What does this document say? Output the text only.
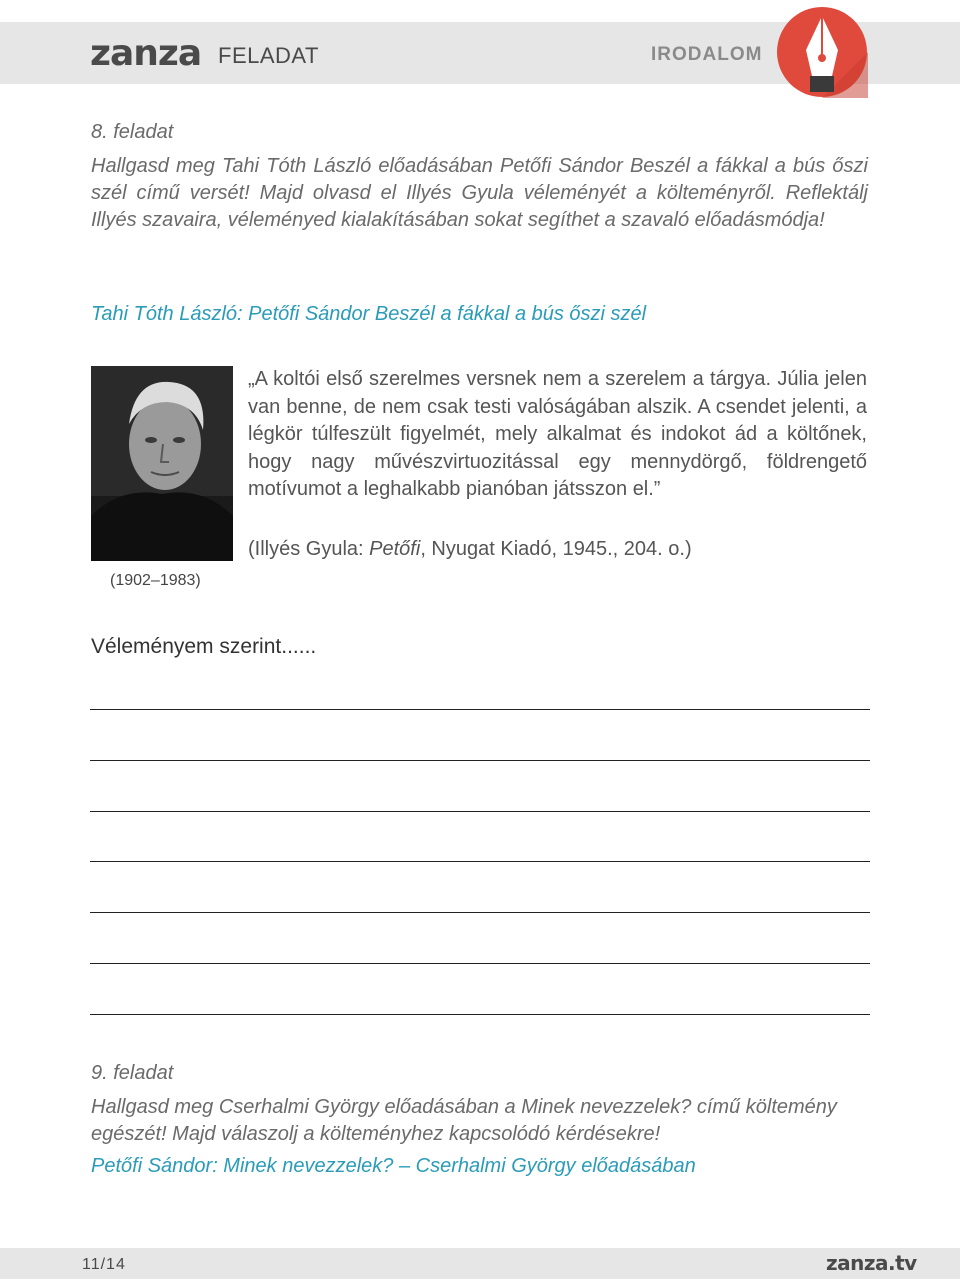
zanza FELADAT	IRODALOM
8. feladat
Hallgasd meg Tahi Tóth László előadásában Petőfi Sándor Beszél a fákkal a bús őszi szél című versét! Majd olvasd el Illyés Gyula véleményét a költeményről. Reflektálj Illyés szavaira, véleményed kialakításában sokat segíthet a szavaló előadásmódja!
Tahi Tóth László: Petőfi Sándor Beszél a fákkal a bús őszi szél
(1902–1983)
„A koltói első szerelmes versnek nem a szerelem a tárgya. Júlia jelen van benne, de nem csak testi valóságában alszik. A csendet jelenti, a légkör túlfeszült figyelmét, mely alkalmat és indokot ád a költőnek, hogy nagy művészvirtuozitással egy mennydörgő, földrengető motívumot a leghalkabb pianóban játsszon el.”
(Illyés Gyula: Petőfi, Nyugat Kiadó, 1945., 204. o.)
Véleményem szerint......
9. feladat
Hallgasd meg Cserhalmi György előadásában a Minek nevezzelek? című költemény egészét! Majd válaszolj a költeményhez kapcsolódó kérdésekre!
Petőfi Sándor: Minek nevezzelek? – Cserhalmi György előadásában
11/14	zanza.tv
